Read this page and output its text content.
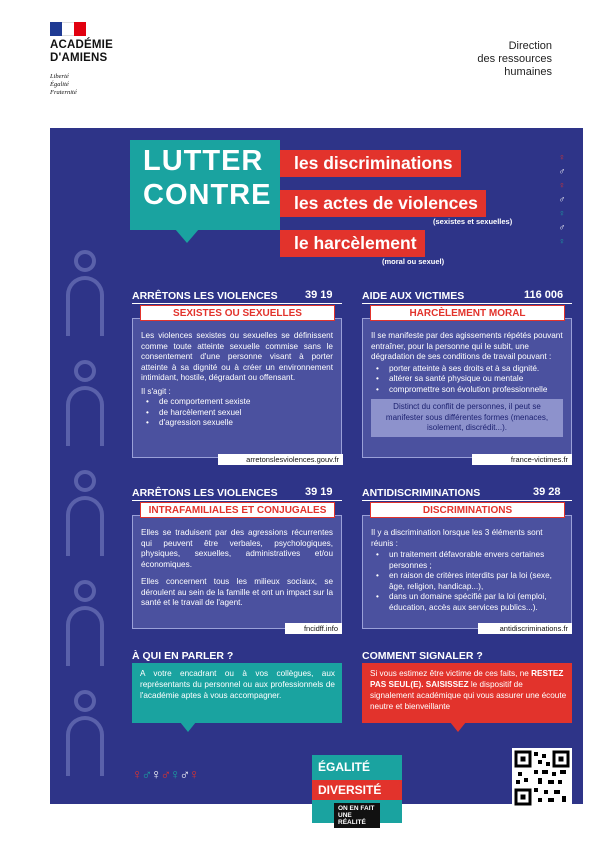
ACADÉMIE
D'AMIENS
Liberté
Égalité
Fraternité
Direction
des ressources
humaines
♀
♂
♀
♂
♀
♂
♀
LUTTER
CONTRE
les discriminations
les actes de violences
(sexistes et sexuelles)
le harcèlement
(moral ou sexuel)
ARRÊTONS LES VIOLENCES 39 19

Les violences sexistes ou sexuelles se définissent comme toute atteinte sexuelle commise sans le consentement d'une personne visant à porter atteinte à sa dignité ou à créer un environnement intimidant, hostile, dégradant ou offensant.

Il s'agit :

• de comportement sexiste
• de harcèlement sexuel
• d'agression sexuelle
SEXISTES OU SEXUELLES
arretonslesviolences.gouv.fr
AIDE AUX VICTIMES	116 006

Il se manifeste par des agissements répétés pouvant entraîner, pour la personne qui le subit, une dégradation de ses conditions de travail pouvant :

• porter atteinte à ses droits et à sa dignité.
• altérer sa santé physique ou mentale
• compromettre son évolution professionnelle
Distinct du conflit de personnes, il peut se manifester sous différentes formes (menaces, isolement, discrédit...).
HARCÈLEMENT MORAL
france-victimes.fr
ARRÊTONS LES VIOLENCES 39 19

Elles se traduisent par des agressions récurrentes qui peuvent être verbales, psychologiques, physiques, sexuelles, administratives et/ou économiques.

Elles concernent tous les milieux sociaux, se déroulent au sein de la famille et ont un impact sur la santé et le travail de l'agent.

INTRAFAMILIALES ET CONJUGALES
fncidff.info
ANTIDISCRIMINATIONS	39 28

Il y a discrimination lorsque les 3 éléments sont réunis :

• un traitement défavorable envers certaines personnes ;
• en raison de critères interdits par la loi (sexe, âge, religion, handicap...),
• dans un domaine spécifié par la loi (emploi, éducation, accès aux services publics...).
DISCRIMINATIONS
antidiscriminations.fr
À QUI EN PARLER ?
A votre encadrant ou à vos collègues, aux représentants du personnel ou aux professionnels de l'académie aptes à vous accompagner.
COMMENT SIGNALER ?
Si vous estimez être victime de ces faits, ne RESTEZ PAS SEUL(E). SAISISSEZ le dispositif de signalement académique qui vous assurer une écoute neutre et bienveillante
♀♂♀♂♀♂♀	ÉGALITÉ
DIVERSITÉ
ON EN FAIT
UNE RÉALITÉ
https://intranet.ac-amiens.fr/vdhas.html
